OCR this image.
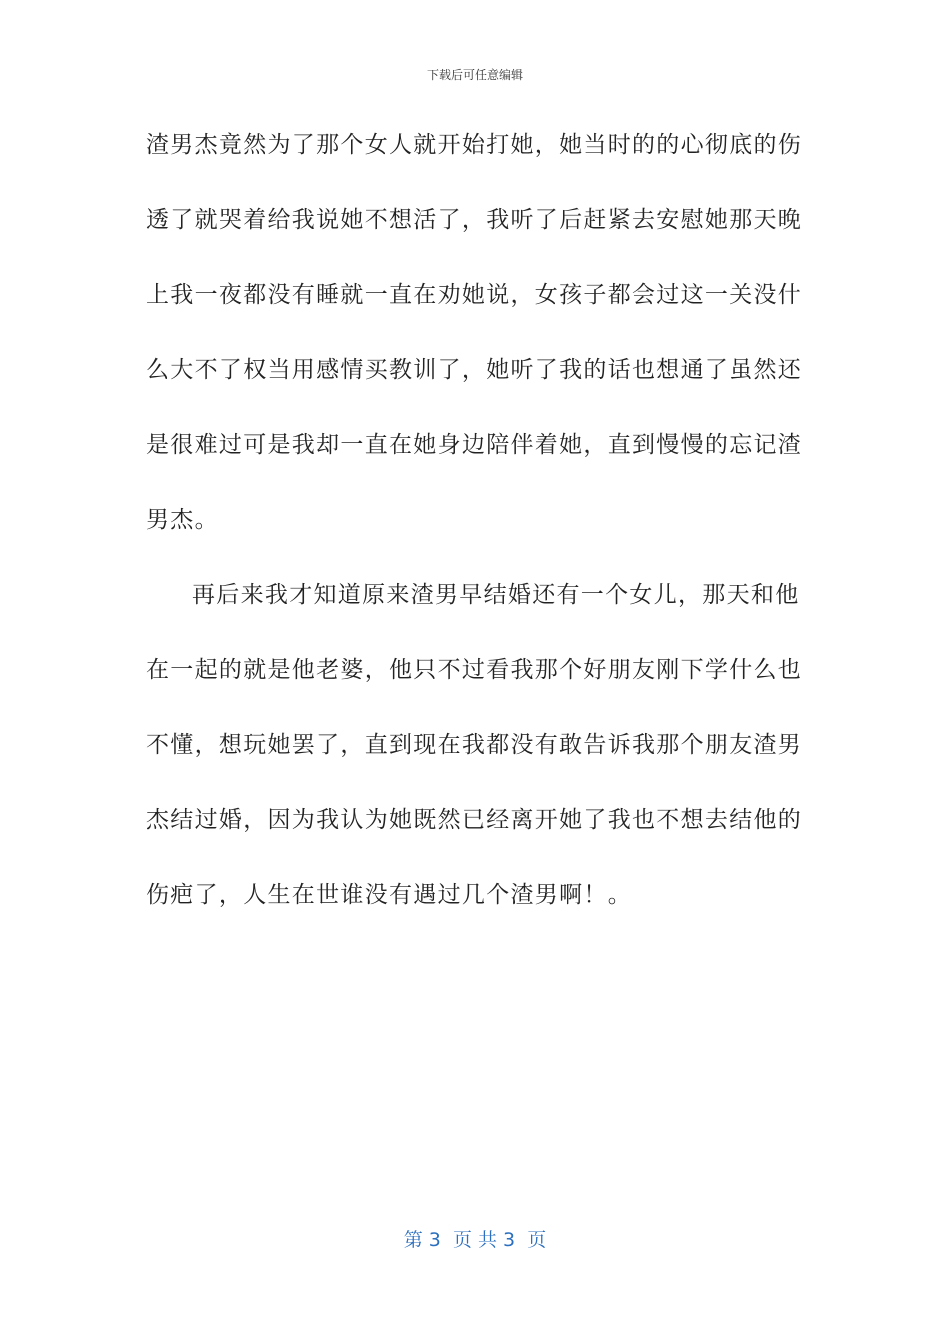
下载后可任意编辑
渣男杰竟然为了那个女人就开始打她，她当时的的心彻底的伤
透了就哭着给我说她不想活了，我听了后赶紧去安慰她那天晚
上我一夜都没有睡就一直在劝她说，女孩子都会过这一关没什
么大不了权当用感情买教训了，她听了我的话也想通了虽然还
是很难过可是我却一直在她身边陪伴着她，直到慢慢的忘记渣
男杰。
再后来我才知道原来渣男早结婚还有一个女儿，那天和他
在一起的就是他老婆，他只不过看我那个好朋友刚下学什么也
不懂，想玩她罢了，直到现在我都没有敢告诉我那个朋友渣男
杰结过婚，因为我认为她既然已经离开她了我也不想去结他的
伤疤了，人生在世谁没有遇过几个渣男啊！。
第 3  页 共 3  页
